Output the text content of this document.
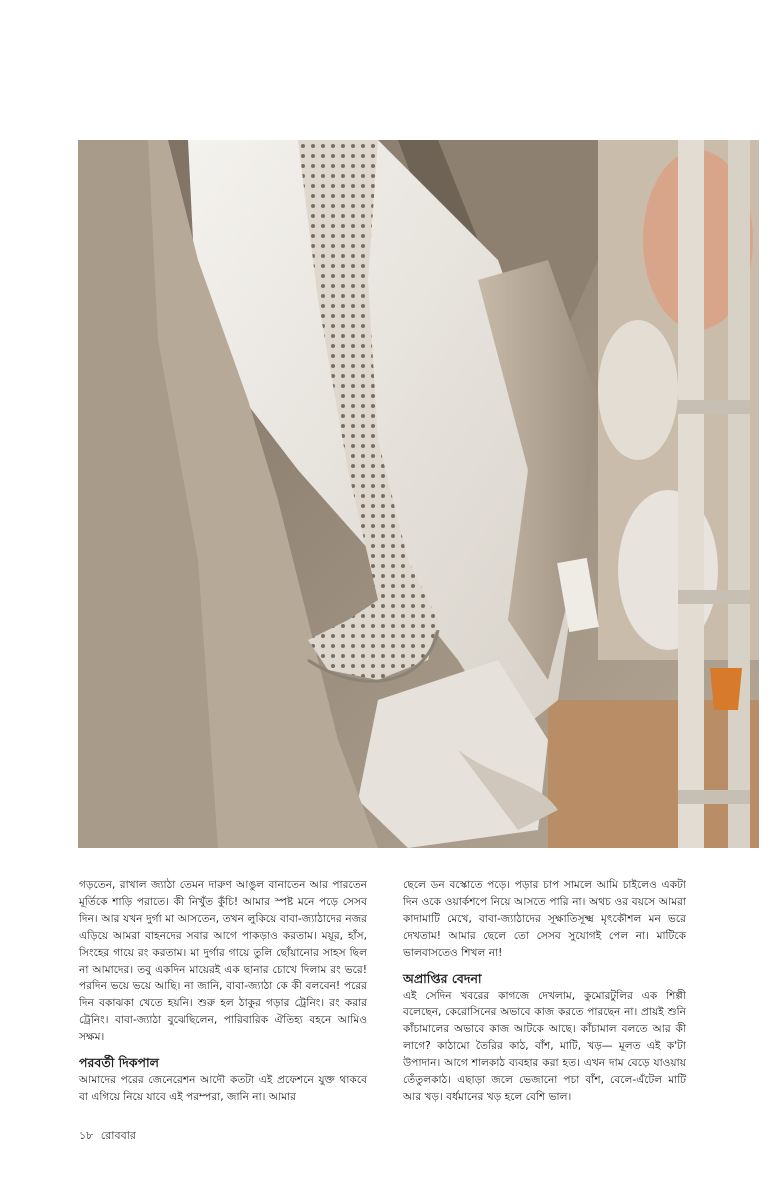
গড়তেন, রাখাল জ্যাঠা তেমন দারুণ আঙুল বানাতেন আর পারতেন মূর্তিকে শাড়ি পরাতে। কী নিখুঁত কুঁচি! আমার স্পষ্ট মনে পড়ে সেসব দিন। আর যখন দুর্গা মা আসতেন, তখন লুকিয়ে বাবা-জ্যাঠাদের নজর এড়িয়ে আমরা বাহনদের সবার আগে পাকড়াও করতাম। ময়ূর, হাঁস, সিংহের গায়ে রং করতাম। মা দুর্গার গায়ে তুলি ছোঁয়ানোর সাহস ছিল না আমাদের। তবু একদিন মায়েরই এক ছানার চোখে দিলাম রং ভরে! পরদিন ভয়ে ভয়ে আছি। না জানি, বাবা-জ্যাঠা কে কী বলবেন! পরের দিন বকাঝকা খেতে হয়নি। শুরু হল ঠাকুর গড়ার ট্রেনিং। রং করার ট্রেনিং। বাবা-জ্যাঠা বুঝেছিলেন, পারিবারিক ঐতিহ্য বহনে আমিও সক্ষম।

পরবর্তী দিকপাল

আমাদের পরের জেনেরেশন আদৌ কতটা এই প্রফেশনে যুক্ত থাকবে বা এগিয়ে নিয়ে যাবে এই পরম্পরা, জানি না। আমার

ছেলে ডন বস্কোতে পড়ে। পড়ার চাপ সামলে আমি চাইলেও একটা দিন ওকে ওয়ার্কশপে নিয়ে আসতে পারি না। অথচ ওর বয়সে আমরা কাদামাটি মেখে, বাবা-জ্যাঠাদের সূক্ষাতিসূক্ষ্ম মৃৎকৌশল মন ভরে দেখতাম! আমার ছেলে তো সেসব সুযোগই পেল না। মাটিকে ভালবাসতেও শিখল না!

অপ্রাপ্তির বেদনা

এই সেদিন খবরের কাগজে দেখলাম, কুমোরটুলির এক শিল্পী বলেছেন, কেরোসিনের অভাবে কাজ করতে পারছেন না। প্রায়ই শুনি কাঁচামালের অভাবে কাজ আটকে আছে। কাঁচামাল বলতে আর কী লাগে? কাঠামো তৈরির কাঠ, বাঁশ, মাটি, খড়— মূলত এই ক'টা উপাদান। আগে শালকাঠ ব্যবহার করা হত। এখন দাম বেড়ে যাওয়ায় তেঁতুলকাঠ। এছাড়া জলে ভেজানো পচা বাঁশ, বেলে-এঁটেল মাটি আর খড়। বর্ধমানের খড় হলে বেশি ভাল।

১৮ রোববার
